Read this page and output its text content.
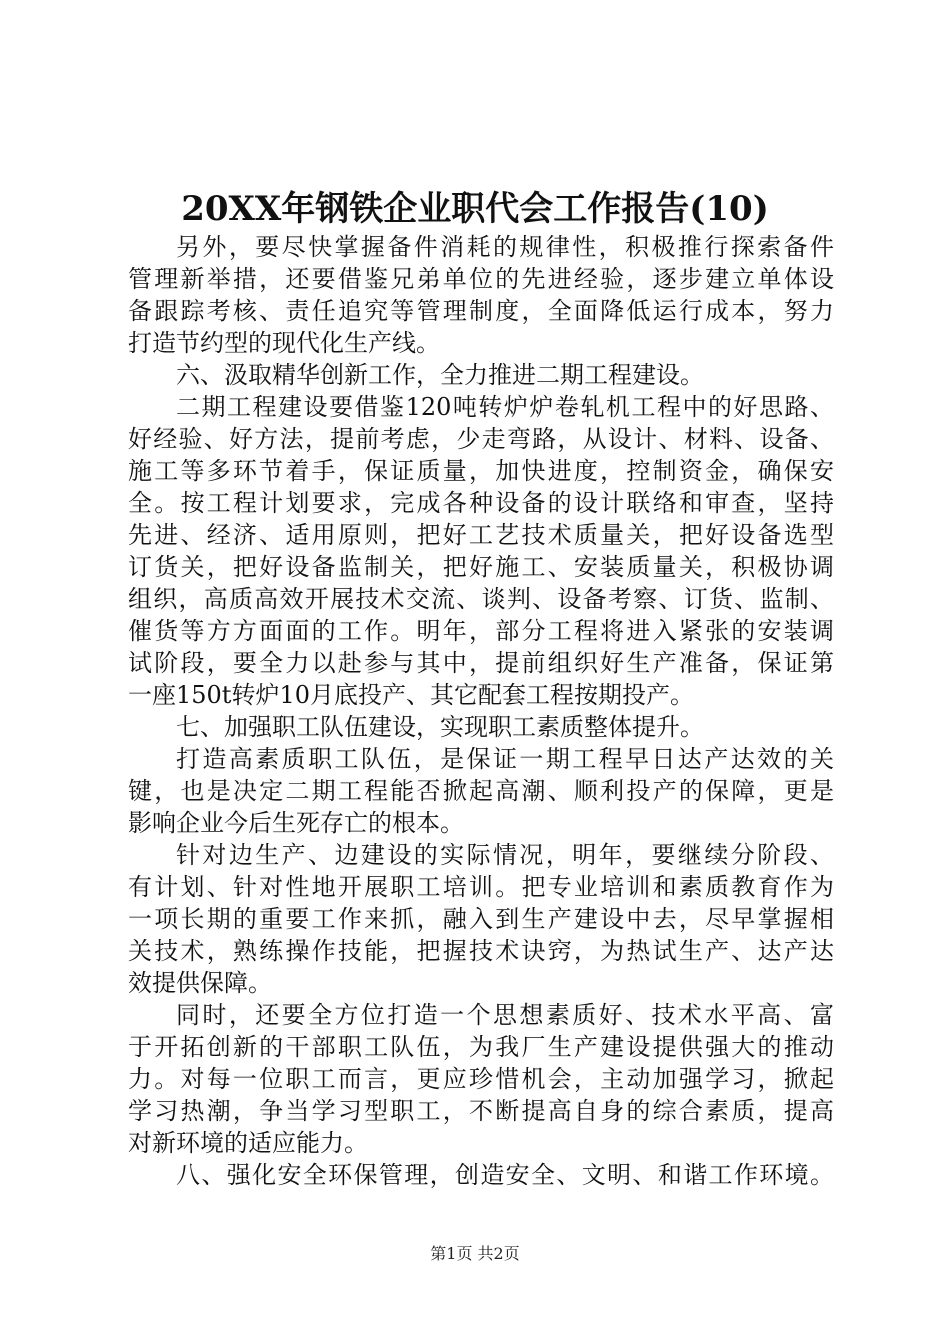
20XX年钢铁企业职代会工作报告(10)
另外，要尽快掌握备件消耗的规律性，积极推行探索备件
管理新举措，还要借鉴兄弟单位的先进经验，逐步建立单体设
备跟踪考核、责任追究等管理制度，全面降低运行成本，努力
打造节约型的现代化生产线。
六、汲取精华创新工作，全力推进二期工程建设。
二期工程建设要借鉴120吨转炉炉卷轧机工程中的好思路、
好经验、好方法，提前考虑，少走弯路，从设计、材料、设备、
施工等多环节着手，保证质量，加快进度，控制资金，确保安
全。按工程计划要求，完成各种设备的设计联络和审查，坚持
先进、经济、适用原则，把好工艺技术质量关，把好设备选型
订货关，把好设备监制关，把好施工、安装质量关，积极协调
组织，高质高效开展技术交流、谈判、设备考察、订货、监制、
催货等方方面面的工作。明年，部分工程将进入紧张的安装调
试阶段，要全力以赴参与其中，提前组织好生产准备，保证第
一座150t转炉10月底投产、其它配套工程按期投产。
七、加强职工队伍建设，实现职工素质整体提升。
打造高素质职工队伍，是保证一期工程早日达产达效的关
键，也是决定二期工程能否掀起高潮、顺利投产的保障，更是
影响企业今后生死存亡的根本。
针对边生产、边建设的实际情况，明年，要继续分阶段、
有计划、针对性地开展职工培训。把专业培训和素质教育作为
一项长期的重要工作来抓，融入到生产建设中去，尽早掌握相
关技术，熟练操作技能，把握技术诀窍，为热试生产、达产达
效提供保障。
同时，还要全方位打造一个思想素质好、技术水平高、富
于开拓创新的干部职工队伍，为我厂生产建设提供强大的推动
力。对每一位职工而言，更应珍惜机会，主动加强学习，掀起
学习热潮，争当学习型职工，不断提高自身的综合素质，提高
对新环境的适应能力。
八、强化安全环保管理，创造安全、文明、和谐工作环境。
第1页 共2页
